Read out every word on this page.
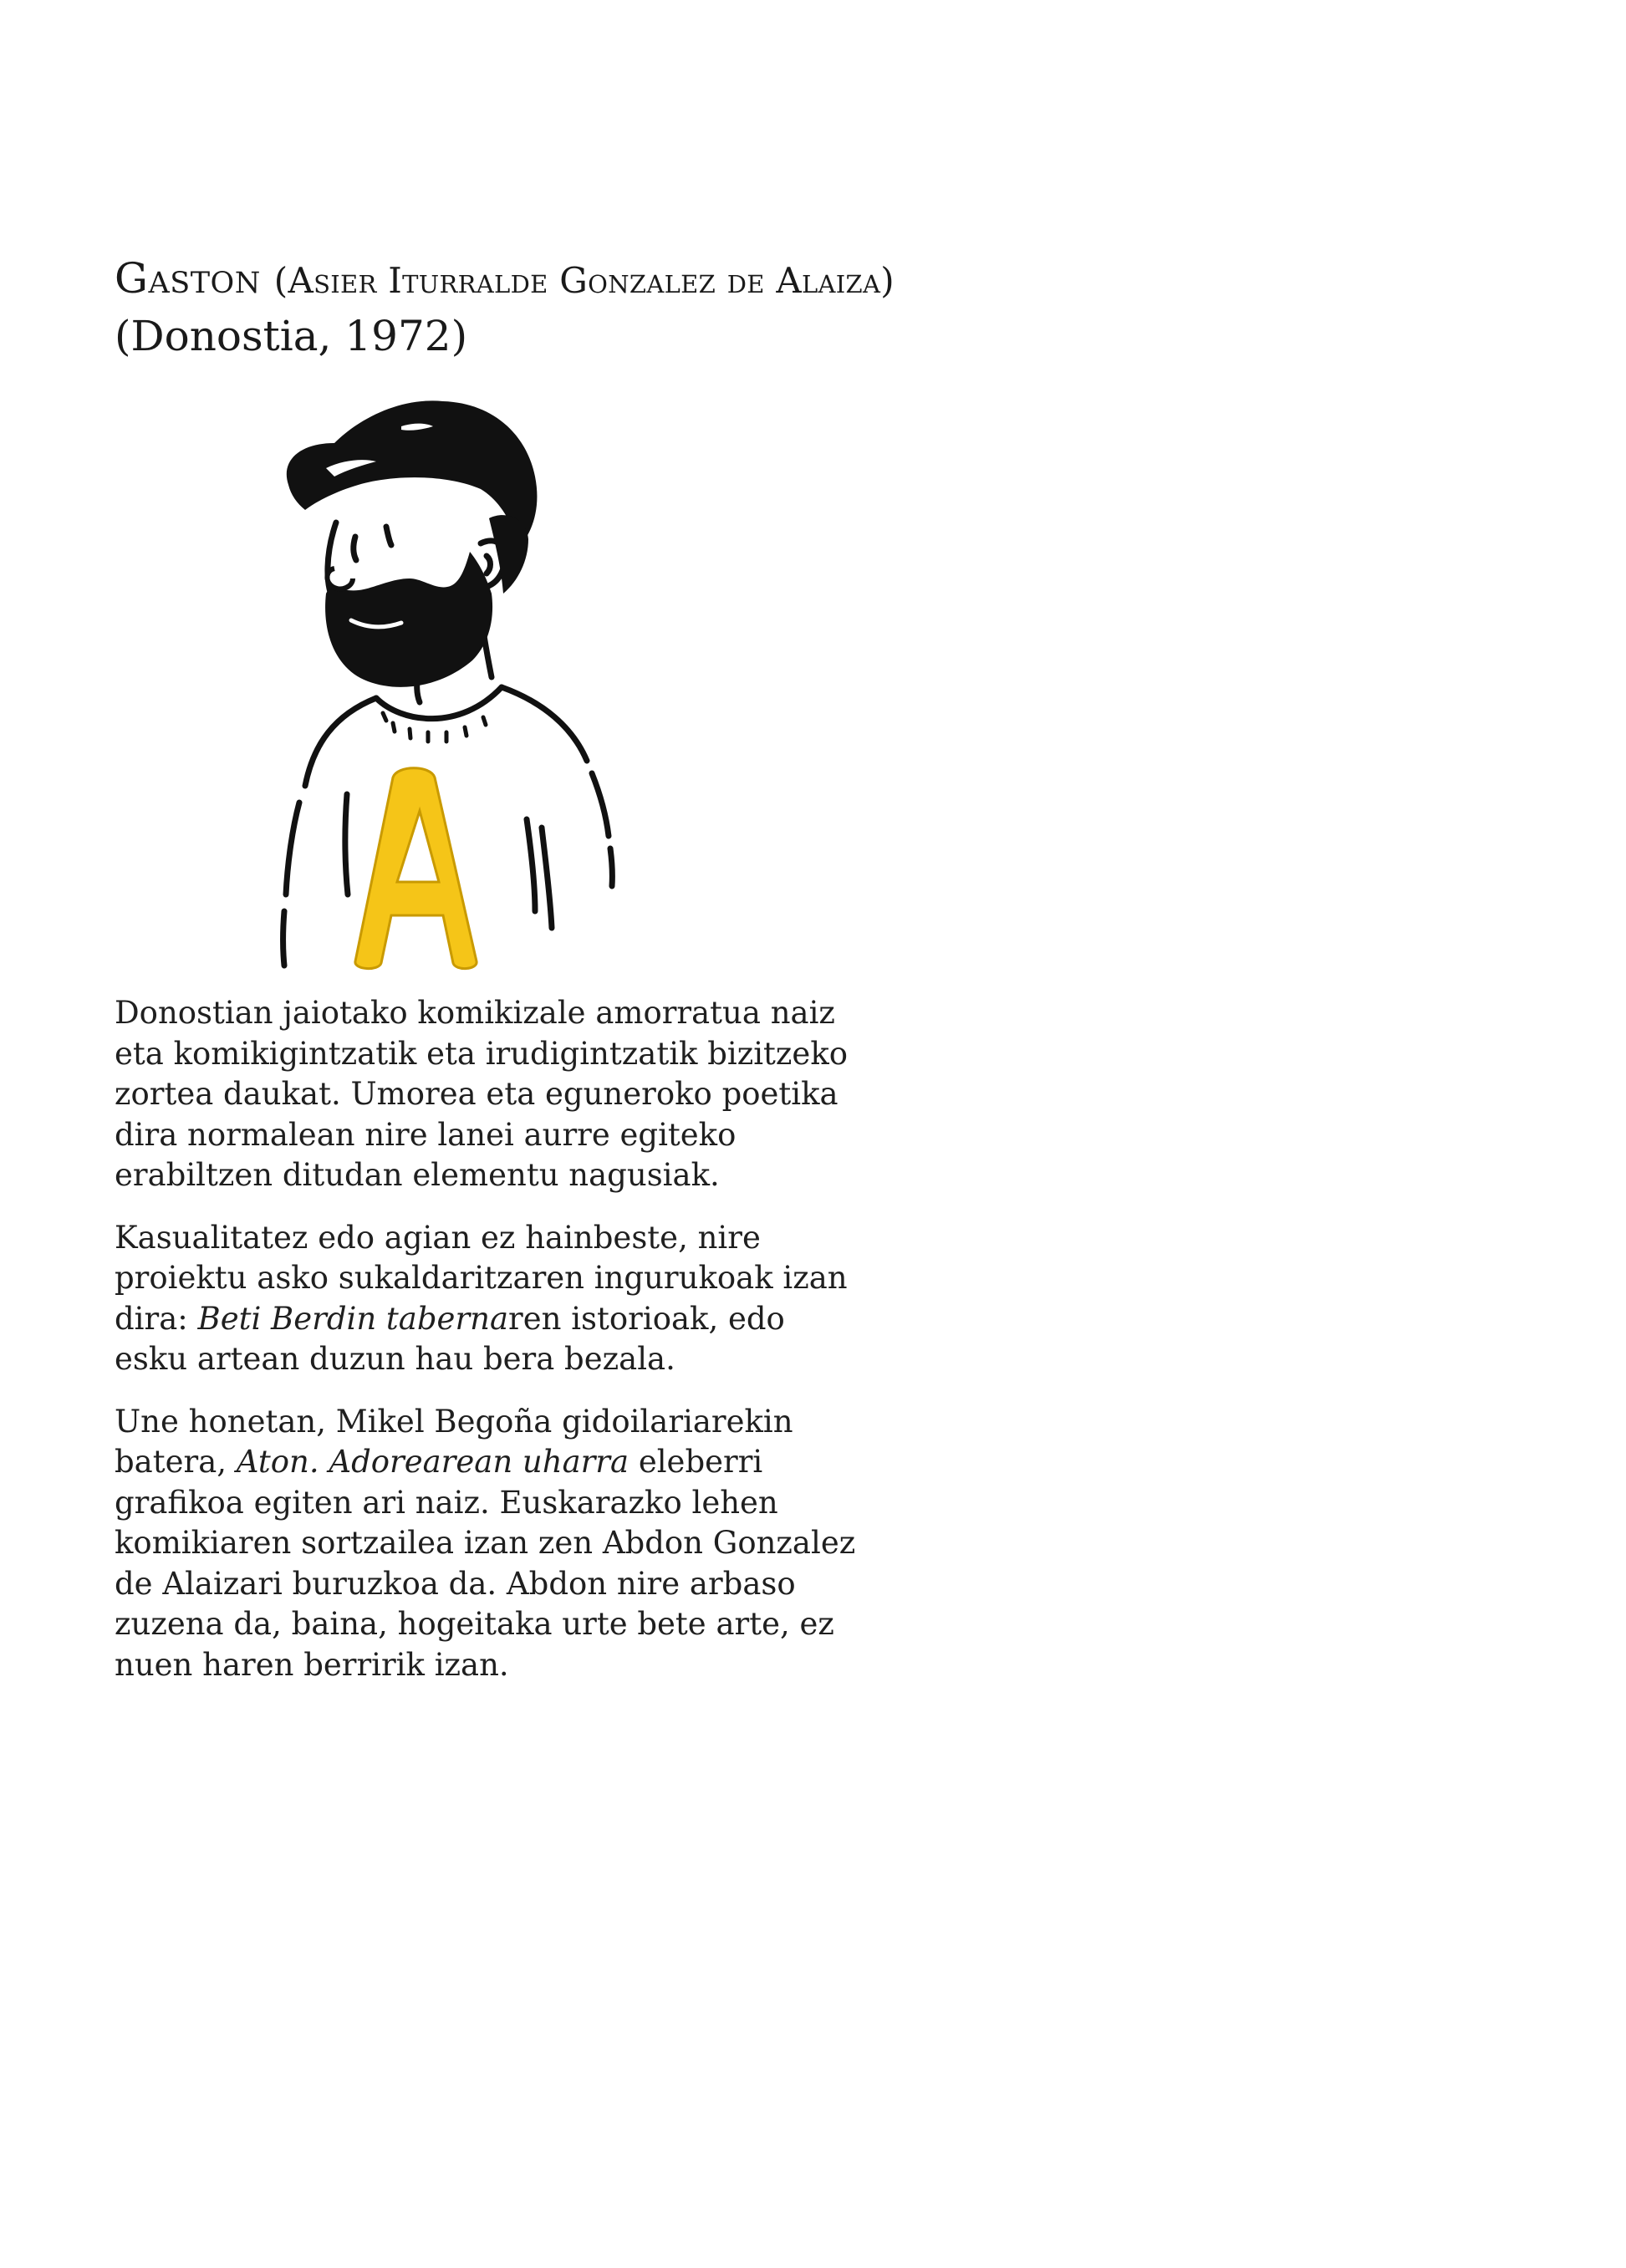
Gaston (Asier Iturralde Gonzalez de Alaiza)
(Donostia, 1972)

Donostian jaiotako komikizale amorratua naiz eta komikigintzatik eta irudigintzatik bizitzeko zortea daukat. Umorea eta eguneroko poetika dira normalean nire lanei aurre egiteko erabiltzen ditudan elementu nagusiak.

Kasualitatez edo agian ez hainbeste, nire proiektu asko sukaldaritzaren ingurukoak izan dira: Beti Berdin tabernaren istorioak, edo esku artean duzun hau bera bezala.

Une honetan, Mikel Begoña gidoilariarekin batera, Aton. Adorearean uharra eleberri grafikoa egiten ari naiz. Euskarazko lehen komikiaren sortzailea izan zen Abdon Gonzalez de Alaizari buruzkoa da. Abdon nire arbaso zuzena da, baina, hogeitaka urte bete arte, ez nuen haren berririk izan.
